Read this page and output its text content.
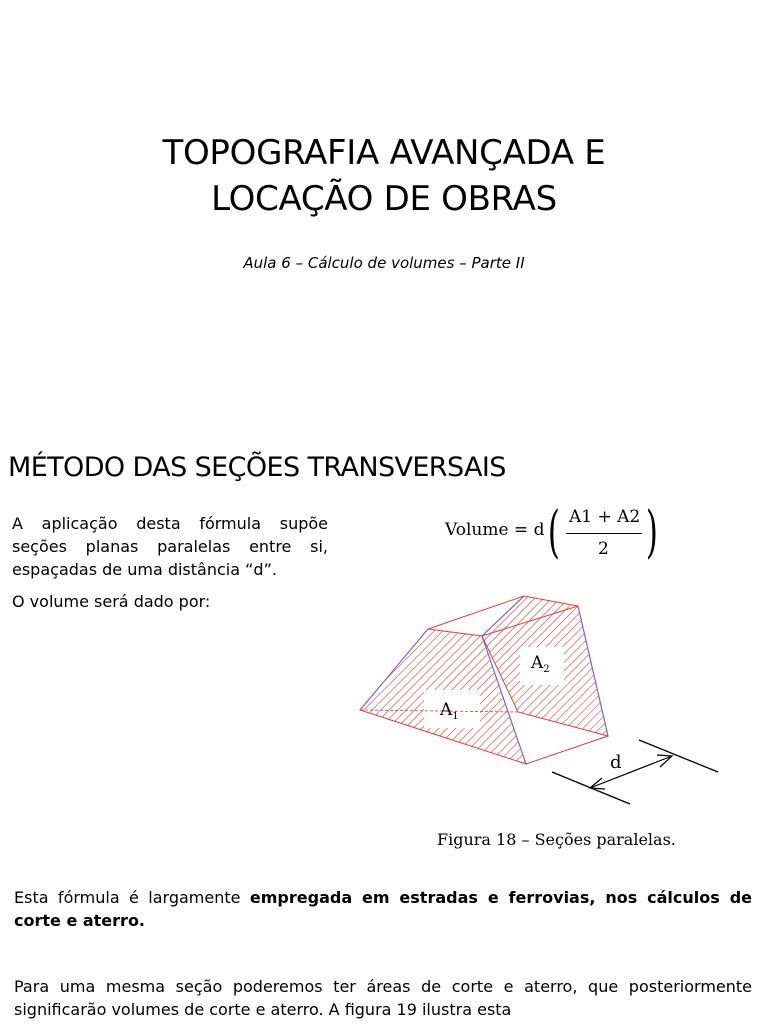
TOPOGRAFIA AVANÇADA E
LOCAÇÃO DE OBRAS

Aula 6 – Cálculo de volumes – Parte II

MÉTODO DAS SEÇÕES TRANSVERSAIS

A aplicação desta fórmula supõe seções planas paralelas entre si, espaçadas de uma distância “d”.

O volume será dado por:

Volume = d ·
( A1 + A2
2 )
$A_2$
$A_1$
d

Figura 18 – Seções paralelas.

Esta fórmula é largamente empregada em estradas e ferrovias, nos cálculos de corte e aterro.

Para uma mesma seção poderemos ter áreas de corte e aterro, que posteriormente significarão volumes de corte e aterro. A figura 19 ilustra esta
